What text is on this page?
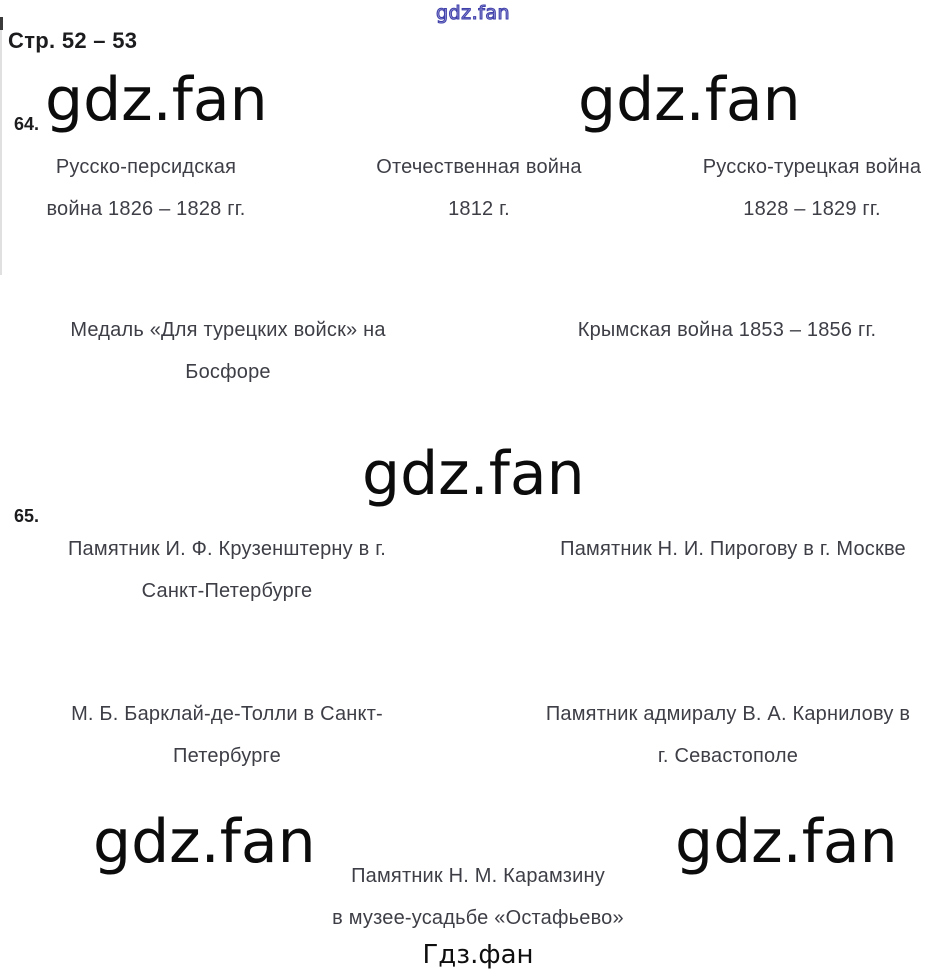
gdz.fan
Стр. 52 – 53
64. gdz.fan	gdz.fan
Русско-персидская
война 1826 – 1828 гг.
Отечественная война
1812 г.
Русско-турецкая война
1828 – 1829 гг.
Медаль «Для турецких войск» на
Босфоре
Крымская война 1853 – 1856 гг.
gdz.fan
65.
Памятник И. Ф. Крузенштерну в г.
Санкт-Петербурге
Памятник Н. И. Пирогову в г. Москве
М. Б. Барклай-де-Толли в Санкт-
Петербурге
Памятник адмиралу В. А. Карнилову в
г. Севастополе
gdz.fan	gdz.fan
Памятник Н. М. Карамзину
в музее-усадьбе «Остафьево»
Гдз.фан
